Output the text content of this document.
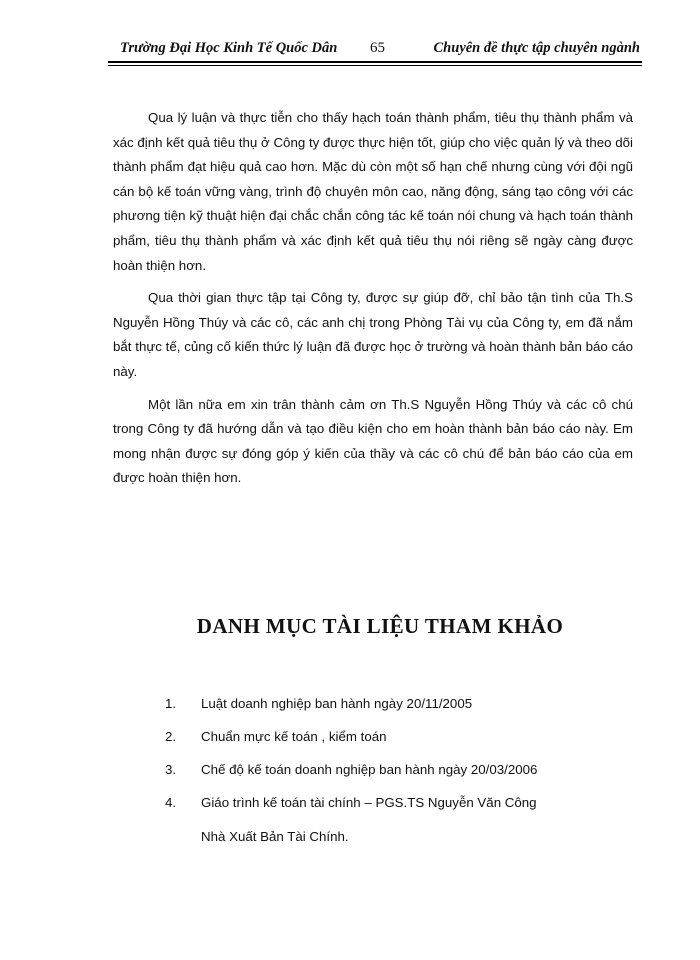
Trường Đại Học Kinh Tế Quốc Dân 65	Chuyên đề thực tập chuyên ngành

Qua lý luận và thực tiễn cho thấy hạch toán thành phẩm, tiêu thụ thành phẩm và xác định kết quả tiêu thụ ở Công ty được thực hiện tốt, giúp cho việc quản lý và theo dõi thành phẩm đạt hiệu quả cao hơn. Mặc dù còn một số hạn chế nhưng cùng với đội ngũ cán bộ kế toán vững vàng, trình độ chuyên môn cao, năng động, sáng tạo công với các phương tiện kỹ thuật hiện đại chắc chắn công tác kế toán nói chung và hạch toán thành phẩm, tiêu thụ thành phẩm và xác định kết quả tiêu thụ nói riêng sẽ ngày càng được hoàn thiện hơn.

Qua thời gian thực tập tại Công ty, được sự giúp đỡ, chỉ bảo tận tình của Th.S Nguyễn Hồng Thúy và các cô, các anh chị trong Phòng Tài vụ của Công ty, em đã nắm bắt thực tế, củng cố kiến thức lý luận đã được học ở trường và hoàn thành bản báo cáo này.

Một lần nữa em xin trân thành cảm ơn Th.S Nguyễn Hồng Thúy và các cô chú trong Công ty đã hướng dẫn và tạo điều kiện cho em hoàn thành bản báo cáo này. Em mong nhận được sự đóng góp ý kiến của thầy và các cô chú để bản báo cáo của em được hoàn thiện hơn.

DANH MỤC TÀI LIỆU THAM KHẢO
1.	Luật doanh nghiệp ban hành ngày 20/11/2005
2.	Chuẩn mực kế toán , kiểm toán
3.	Chế độ kế toán doanh nghiệp ban hành ngày 20/03/2006
4.	Giáo trình kế toán tài chính – PGS.TS Nguyễn Văn Công
Nhà Xuất Bản Tài Chính.
